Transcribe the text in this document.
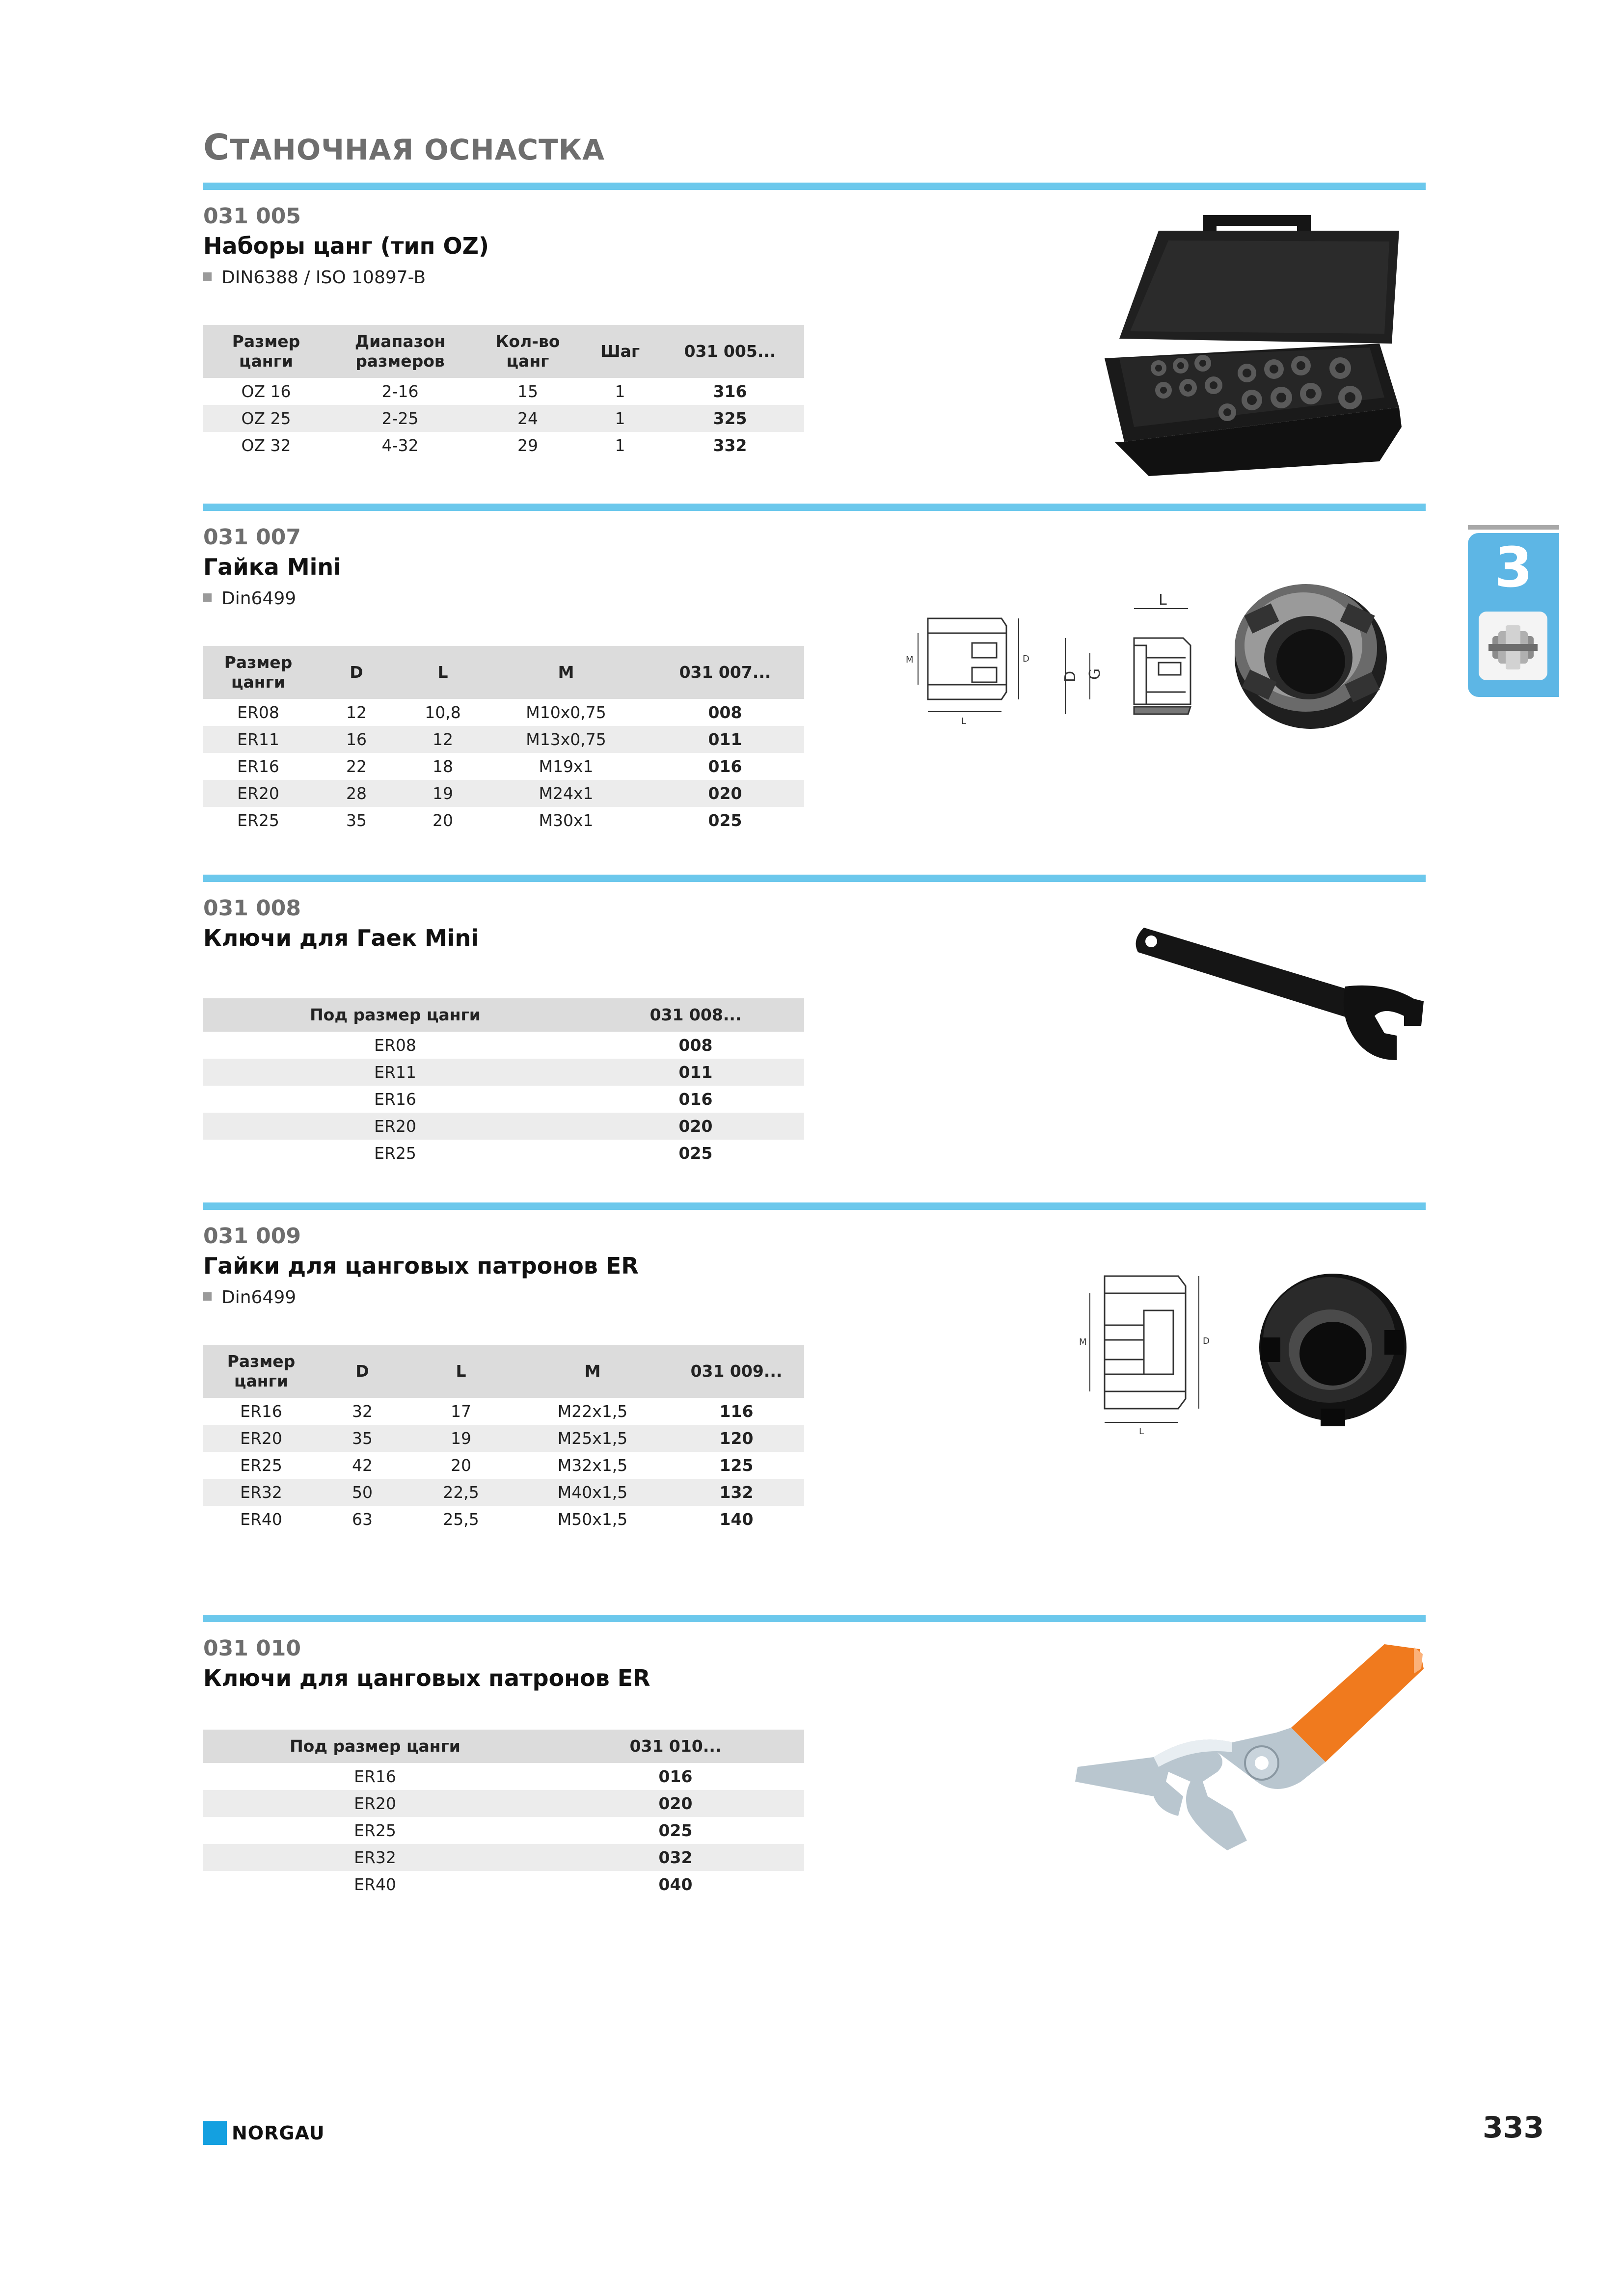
СТАНОЧНАЯ ОСНАСТКА
031 005
Наборы цанг (тип OZ)
DIN6388 / ISO 10897-B
Размер цанги	Диапазон размеров	Кол-во цанг	Шаг	031 005...
OZ 16	2-16	15	1	316
OZ 25	2-25	24	1	325
OZ 32	4-32	29	1	332
031 007
Гайка Mini
Din6499
Размер цанги	D	L	M	031 007...
ER08	12	10,8	M10x0,75	008
ER11	16	12	M13x0,75	011
ER16	22	18	M19x1	016
ER20	28	19	M24x1	020
ER25	35	20	M30x1	025
M	D
L
L
D G
031 008
Ключи для Гаек Mini
Под размер цанги	031 008...
ER08	008
ER11	011
ER16	016
ER20	020
ER25	025
031 009
Гайки для цанговых патронов ER
Din6499
Размер цанги	D	L	M	031 009...
ER16	32	17	M22x1,5	116
ER20	35	19	M25x1,5	120
ER25	42	20	M32x1,5	125
ER32	50	22,5	M40x1,5	132
ER40	63	25,5	M50x1,5	140
M	D
L
031 010
Ключи для цанговых патронов ER
Под размер цанги	031 010...
ER16	016
ER20	020
ER25	025
ER32	032
ER40	040
3
NORGAU	333
